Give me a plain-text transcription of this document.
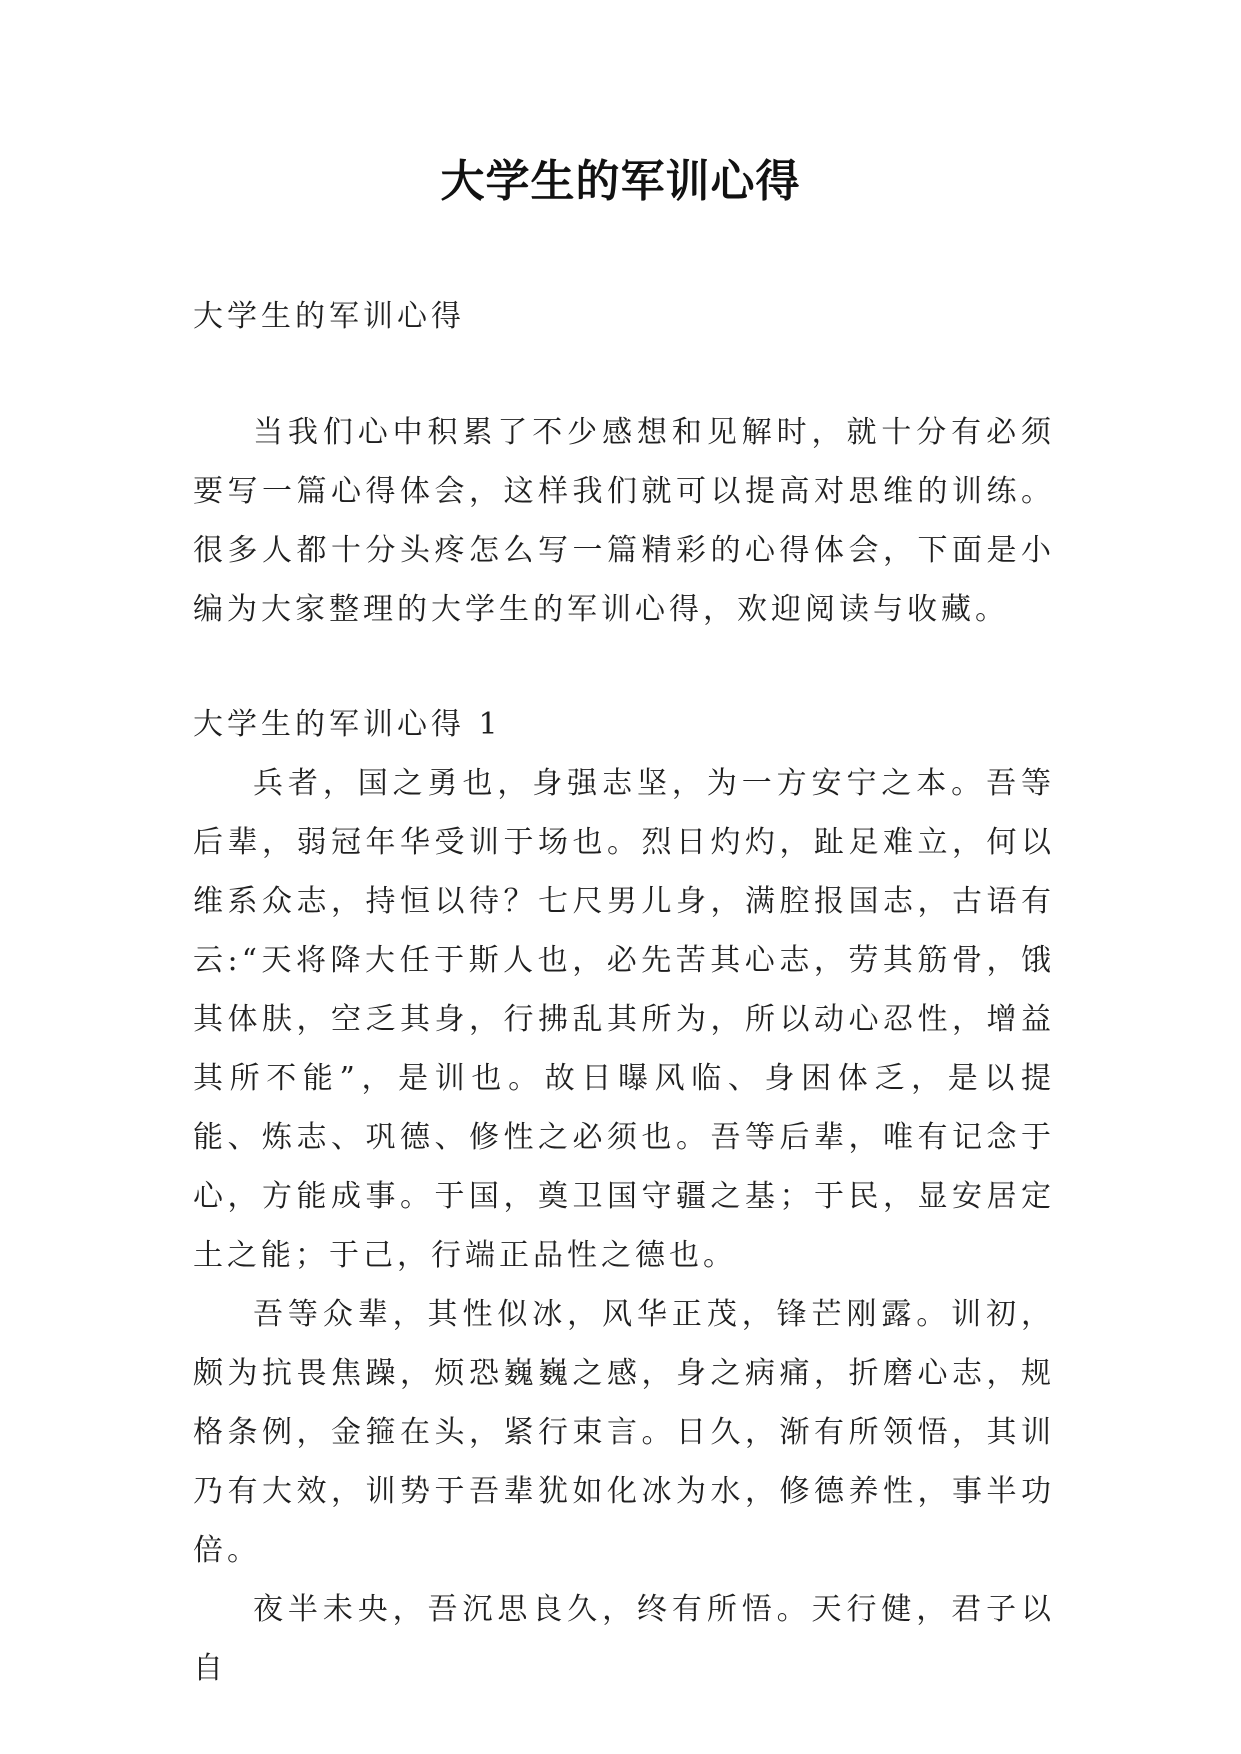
大学生的军训心得

大学生的军训心得

当我们心中积累了不少感想和见解时，就十分有必须要写一篇心得体会，这样我们就可以提高对思维的训练。很多人都十分头疼怎么写一篇精彩的心得体会，下面是小编为大家整理的大学生的军训心得，欢迎阅读与收藏。

大学生的军训心得 1

兵者，国之勇也，身强志坚，为一方安宁之本。吾等后辈，弱冠年华受训于场也。烈日灼灼，趾足难立，何以维系众志，持恒以待？七尺男儿身，满腔报国志，古语有云:“天将降大任于斯人也，必先苦其心志，劳其筋骨，饿其体肤，空乏其身，行拂乱其所为，所以动心忍性，增益其所不能”，是训也。故日曝风临、身困体乏，是以提能、炼志、巩德、修性之必须也。吾等后辈，唯有记念于心，方能成事。于国，奠卫国守疆之基；于民，显安居定土之能；于己，行端正品性之德也。

吾等众辈，其性似冰，风华正茂，锋芒刚露。训初，颇为抗畏焦躁，烦恐巍巍之感，身之病痛，折磨心志，规格条例，金箍在头，紧行束言。日久，渐有所领悟，其训乃有大效，训势于吾辈犹如化冰为水，修德养性，事半功倍。

夜半未央，吾沉思良久，终有所悟。天行健，君子以自
